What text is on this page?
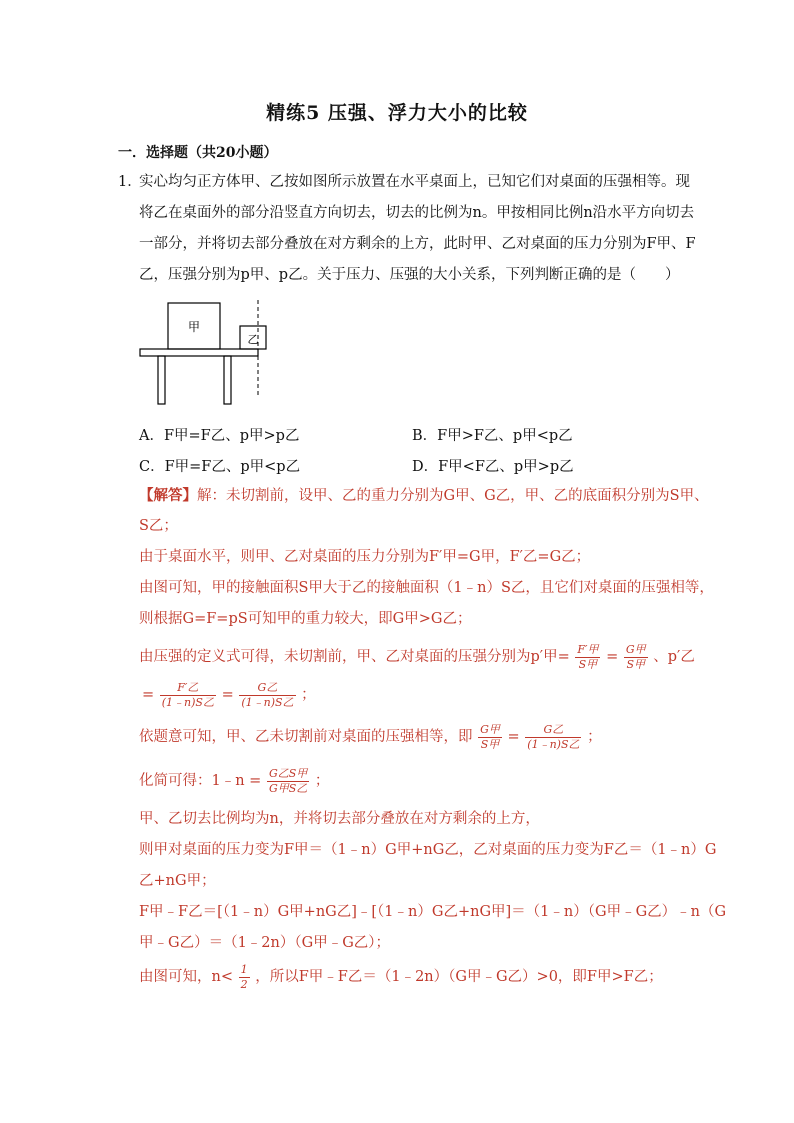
精练5 压强、浮力大小的比较
一．选择题（共20小题）
1．
实心均匀正方体甲、乙按如图所示放置在水平桌面上，已知它们对桌面的压强相等。现
将乙在桌面外的部分沿竖直方向切去，切去的比例为n。甲按相同比例n沿水平方向切去
一部分，并将切去部分叠放在对方剩余的上方，此时甲、乙对桌面的压力分别为F甲、F
乙，压强分别为p甲、p乙。关于压力、压强的大小关系，下列判断正确的是（　　）
甲
乙
A．F甲=F乙、p甲>p乙	B．F甲>F乙、p甲<p乙
C．F甲=F乙、p甲<p乙	D．F甲<F乙、p甲>p乙
【解答】解：未切割前，设甲、乙的重力分别为G甲、G乙，甲、乙的底面积分别为S甲、
S乙；
由于桌面水平，则甲、乙对桌面的压力分别为F′甲=G甲，F′乙=G乙；
由图可知，甲的接触面积S甲大于乙的接触面积（1﹣n）S乙，且它们对桌面的压强相等，
则根据G=F=pS可知甲的重力较大，即G甲>G乙；
由压强的定义式可得，未切割前，甲、乙对桌面的压强分别为p′甲= $\frac{\text{F′甲}}{\text{S甲}} = \frac{\text{G甲}}{\text{S甲}}$ 、p′乙
= $\frac{\text{F′乙}}{\text{(1﹣n)S乙}} = \frac{\text{G乙}}{\text{(1﹣n)S乙}}$ ；
依题意可知，甲、乙未切割前对桌面的压强相等，即 $\frac{\text{G甲}}{\text{S甲}} = \frac{\text{G乙}}{\text{(1﹣n)S乙}}$ ；
化简可得：1﹣n = $\frac{\text{G乙S甲}}{\text{G甲S乙}}$ ；
甲、乙切去比例均为n，并将切去部分叠放在对方剩余的上方，
则甲对桌面的压力变为F甲＝（1﹣n）G甲+nG乙，乙对桌面的压力变为F乙＝（1﹣n）G
乙+nG甲；
F甲﹣F乙＝[（1﹣n）G甲+nG乙]﹣[（1﹣n）G乙+nG甲]＝（1﹣n）（G甲﹣G乙）﹣n（G
甲﹣G乙）＝（1﹣2n）（G甲﹣G乙）；
由图可知，$n< \frac{1}{2}$ ，所以F甲﹣F乙＝（1﹣2n）（G甲﹣G乙）>0，即F甲>F乙；
